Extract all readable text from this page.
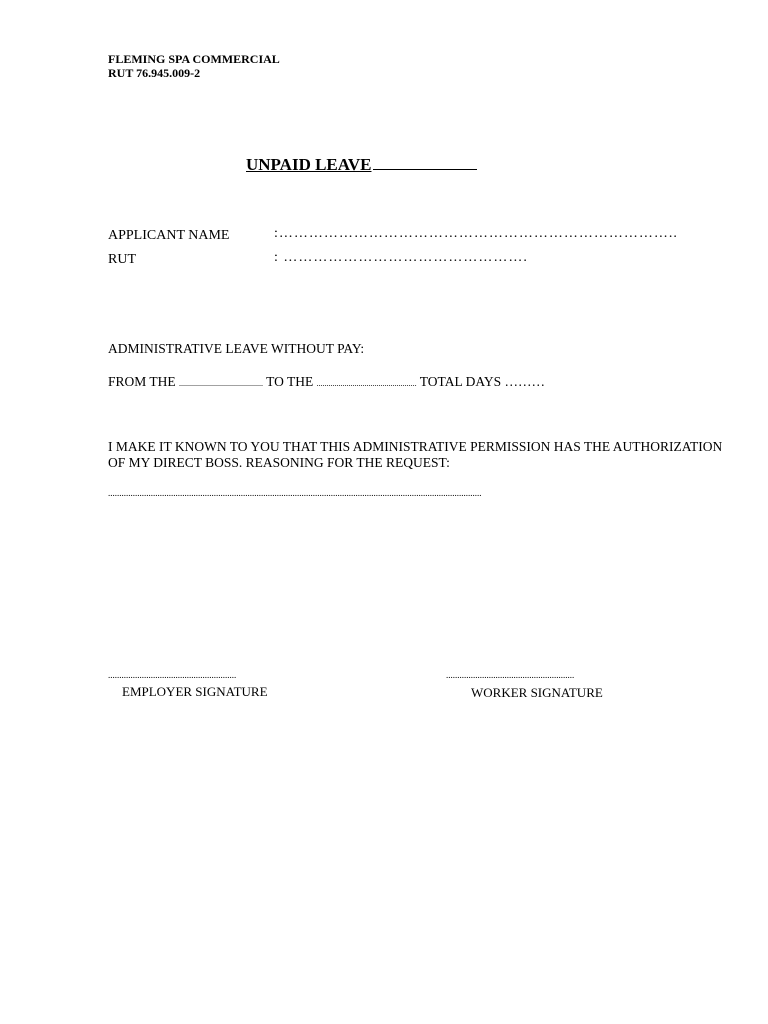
FLEMING SPA COMMERCIAL
RUT 76.945.009-2
UNPAID LEAVE
APPLICANT NAME	:……………………………………………………………………..
RUT	: ………………………………………….
ADMINISTRATIVE LEAVE WITHOUT PAY:
FROM THE .......................................... TO THE .................................................. TOTAL DAYS ………
I MAKE IT KNOWN TO YOU THAT THIS ADMINISTRATIVE PERMISSION HAS THE AUTHORIZATION OF MY DIRECT BOSS. REASONING FOR THE REQUEST:
......................................................................................................................................................................
.........................................................
EMPLOYER SIGNATURE
.........................................................
WORKER SIGNATURE
